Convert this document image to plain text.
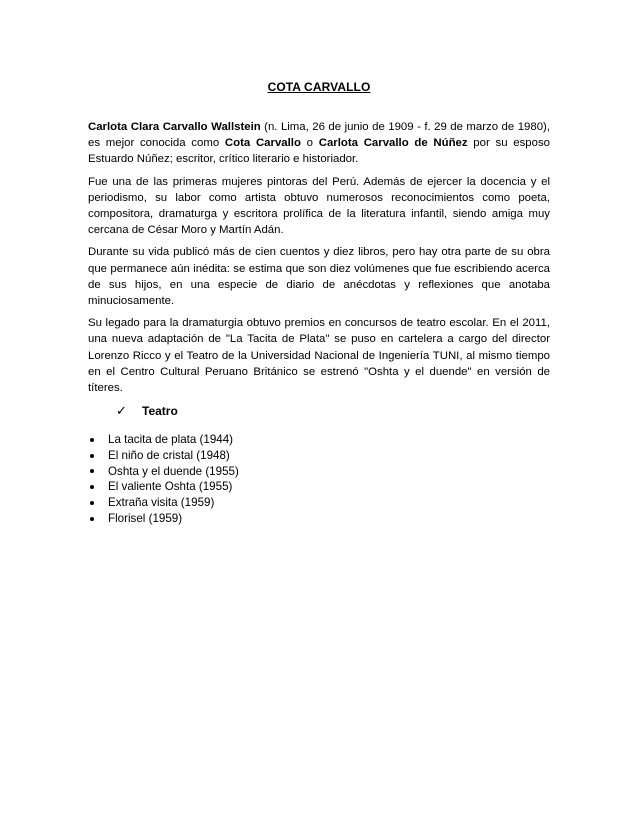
COTA CARVALLO

Carlota Clara Carvallo Wallstein (n. Lima, 26 de junio de 1909 - f. 29 de marzo de 1980), es mejor conocida como Cota Carvallo o Carlota Carvallo de Núñez por su esposo Estuardo Núñez; escritor, crítico literario e historiador.

Fue una de las primeras mujeres pintoras del Perú. Además de ejercer la docencia y el periodismo, su labor como artista obtuvo numerosos reconocimientos como poeta, compositora, dramaturga y escritora prolífica de la literatura infantil, siendo amiga muy cercana de César Moro y Martín Adán.

Durante su vida publicó más de cien cuentos y diez libros, pero hay otra parte de su obra que permanece aún inédita: se estima que son diez volúmenes que fue escribiendo acerca de sus hijos, en una especie de diario de anécdotas y reflexiones que anotaba minuciosamente.

Su legado para la dramaturgia obtuvo premios en concursos de teatro escolar. En el 2011, una nueva adaptación de "La Tacita de Plata" se puso en cartelera a cargo del director Lorenzo Ricco y el Teatro de la Universidad Nacional de Ingeniería TUNI, al mismo tiempo en el Centro Cultural Peruano Británico se estrenó "Oshta y el duende" en versión de títeres.

✓	Teatro
La tacita de plata (1944)
El niño de cristal (1948)
Oshta y el duende (1955)
El valiente Oshta (1955)
Extraña visita (1959)
Florisel (1959)
